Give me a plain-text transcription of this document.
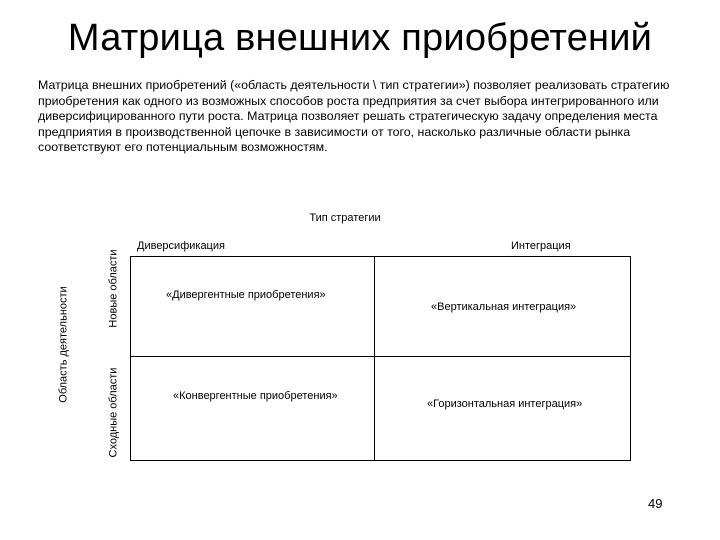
Матрица внешних приобретений
Матрица внешних приобретений («область деятельности \ тип стратегии») позволяет реализовать стратегию приобретения как одного из возможных способов роста предприятия за счет выбора интегрированного или диверсифицированного пути роста. Матрица позволяет решать стратегическую задачу определения места предприятия в производственной цепочке в зависимости от того, насколько различные области рынка соответствуют его потенциальным возможностям.
Тип стратегии
Диверсификация	Интеграция
Область деятельности	Новые области
Сходные области
«Дивергентные приобретения»
«Вертикальная интеграция»
«Конвергентные приобретения»
«Горизонтальная интеграция»
49
